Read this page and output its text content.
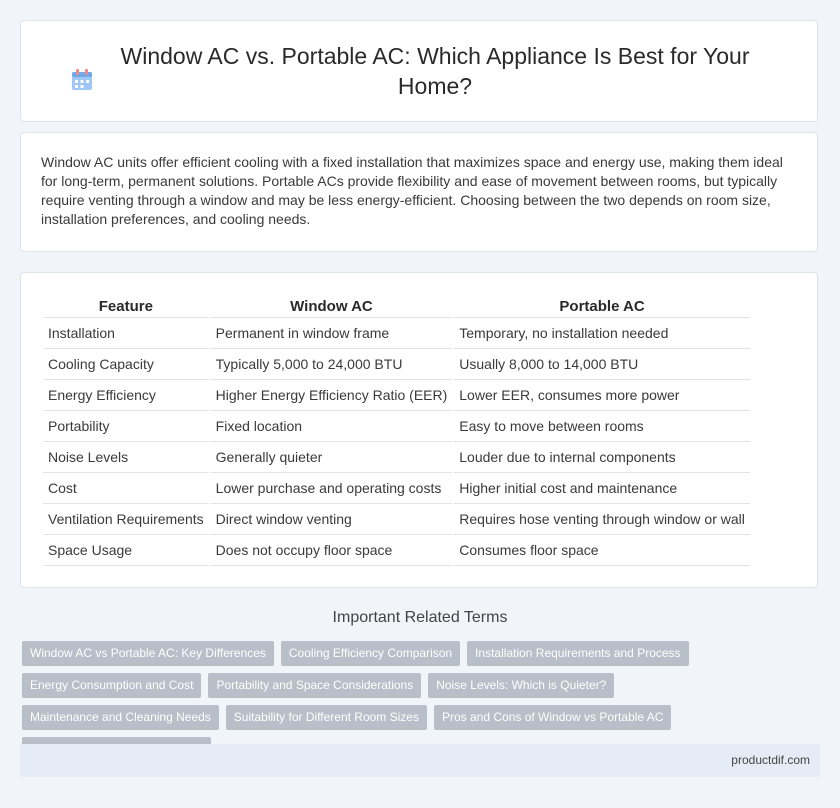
Window AC vs. Portable AC: Which Appliance Is Best for Your Home?

Window AC units offer efficient cooling with a fixed installation that maximizes space and energy use, making them ideal for long-term, permanent solutions. Portable ACs provide flexibility and ease of movement between rooms, but typically require venting through a window and may be less energy-efficient. Choosing between the two depends on room size, installation preferences, and cooling needs.

Feature	Window AC	Portable AC
Installation	Permanent in window frame	Temporary, no installation needed
Cooling Capacity	Typically 5,000 to 24,000 BTU	Usually 8,000 to 14,000 BTU
Energy Efficiency	Higher Energy Efficiency Ratio (EER)	Lower EER, consumes more power
Portability	Fixed location	Easy to move between rooms
Noise Levels	Generally quieter	Louder due to internal components
Cost	Lower purchase and operating costs	Higher initial cost and maintenance
Ventilation Requirements	Direct window venting	Requires hose venting through window or wall
Space Usage	Does not occupy floor space	Consumes floor space
Important Related Terms
Window AC vs Portable AC: Key Differences	Cooling Efficiency Comparison	Installation Requirements and Process
Energy Consumption and Cost	Portability and Space Considerations	Noise Levels: Which is Quieter?
Maintenance and Cleaning Needs	Suitability for Different Room Sizes	Pros and Cons of Window vs Portable AC
productdif.com
